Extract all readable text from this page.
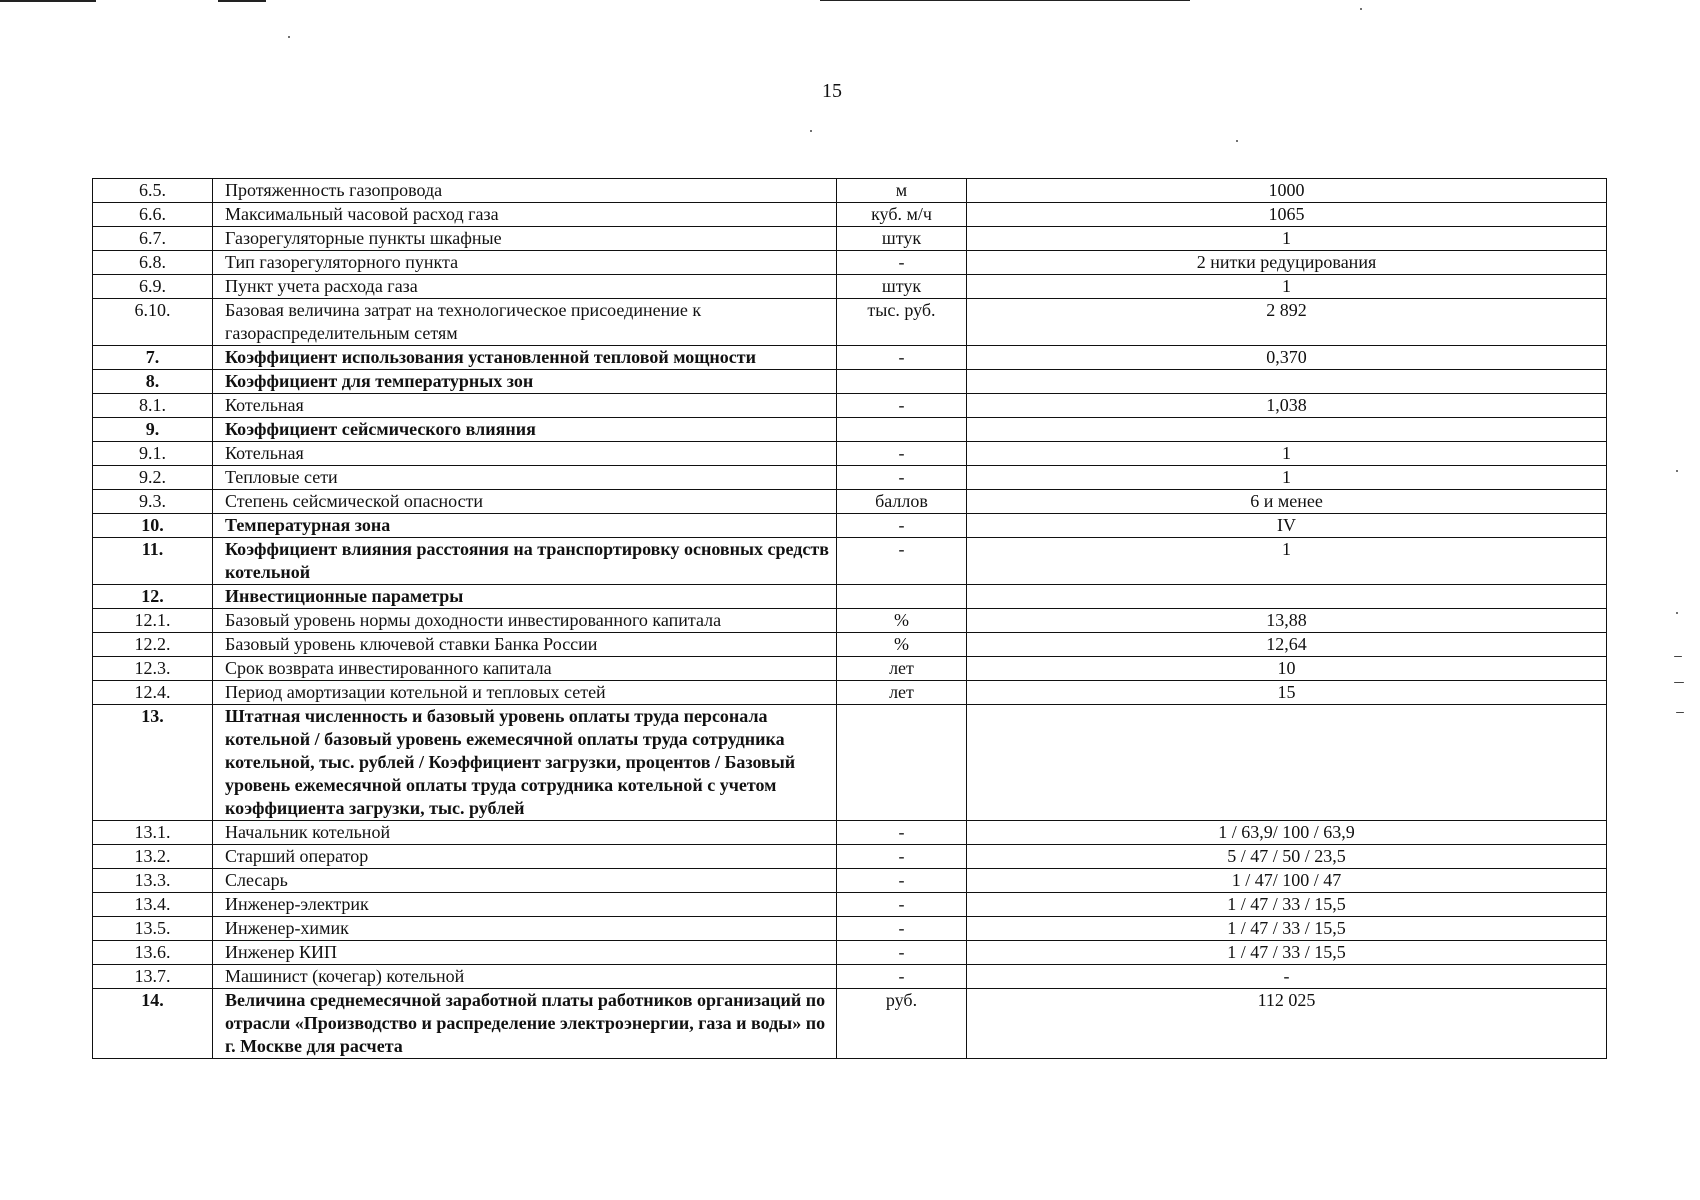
15
6.5.	Протяженность газопровода	м	1000
6.6.	Максимальный часовой расход газа	куб. м/ч	1065
6.7.	Газорегуляторные пункты шкафные	штук	1
6.8.	Тип газорегуляторного пункта	-	2 нитки редуцирования
6.9.	Пункт учета расхода газа	штук	1
6.10.	Базовая величина затрат на технологическое присоединение к газораспределительным сетям	тыс. руб.	2 892
7.	Коэффициент использования установленной тепловой мощности	-	0,370
8.	Коэффициент для температурных зон		
8.1.	Котельная	-	1,038
9.	Коэффициент сейсмического влияния		
9.1.	Котельная	-	1
9.2.	Тепловые сети	-	1
9.3.	Степень сейсмической опасности	баллов	6 и менее
10.	Температурная зона	-	IV
11.	Коэффициент влияния расстояния на транспортировку основных средств котельной	-	1
12.	Инвестиционные параметры		
12.1.	Базовый уровень нормы доходности инвестированного капитала	%	13,88
12.2.	Базовый уровень ключевой ставки Банка России	%	12,64
12.3.	Срок возврата инвестированного капитала	лет	10
12.4.	Период амортизации котельной и тепловых сетей	лет	15
13.	Штатная численность и базовый уровень оплаты труда персонала котельной / базовый уровень ежемесячной оплаты труда сотрудника котельной, тыс. рублей / Коэффициент загрузки, процентов / Базовый уровень ежемесячной оплаты труда сотрудника котельной с учетом коэффициента загрузки, тыс. рублей		
13.1.	Начальник котельной	-	1 / 63,9/ 100 / 63,9
13.2.	Старший оператор	-	5 / 47 / 50 / 23,5
13.3.	Слесарь	-	1 / 47/ 100 / 47
13.4.	Инженер-электрик	-	1 / 47 / 33 / 15,5
13.5.	Инженер-химик	-	1 / 47 / 33 / 15,5
13.6.	Инженер КИП	-	1 / 47 / 33 / 15,5
13.7.	Машинист (кочегар) котельной	-	-
14.	Величина среднемесячной заработной платы работников организаций по отрасли «Производство и распределение электроэнергии, газа и воды» по г. Москве для расчета	руб.	112 025
